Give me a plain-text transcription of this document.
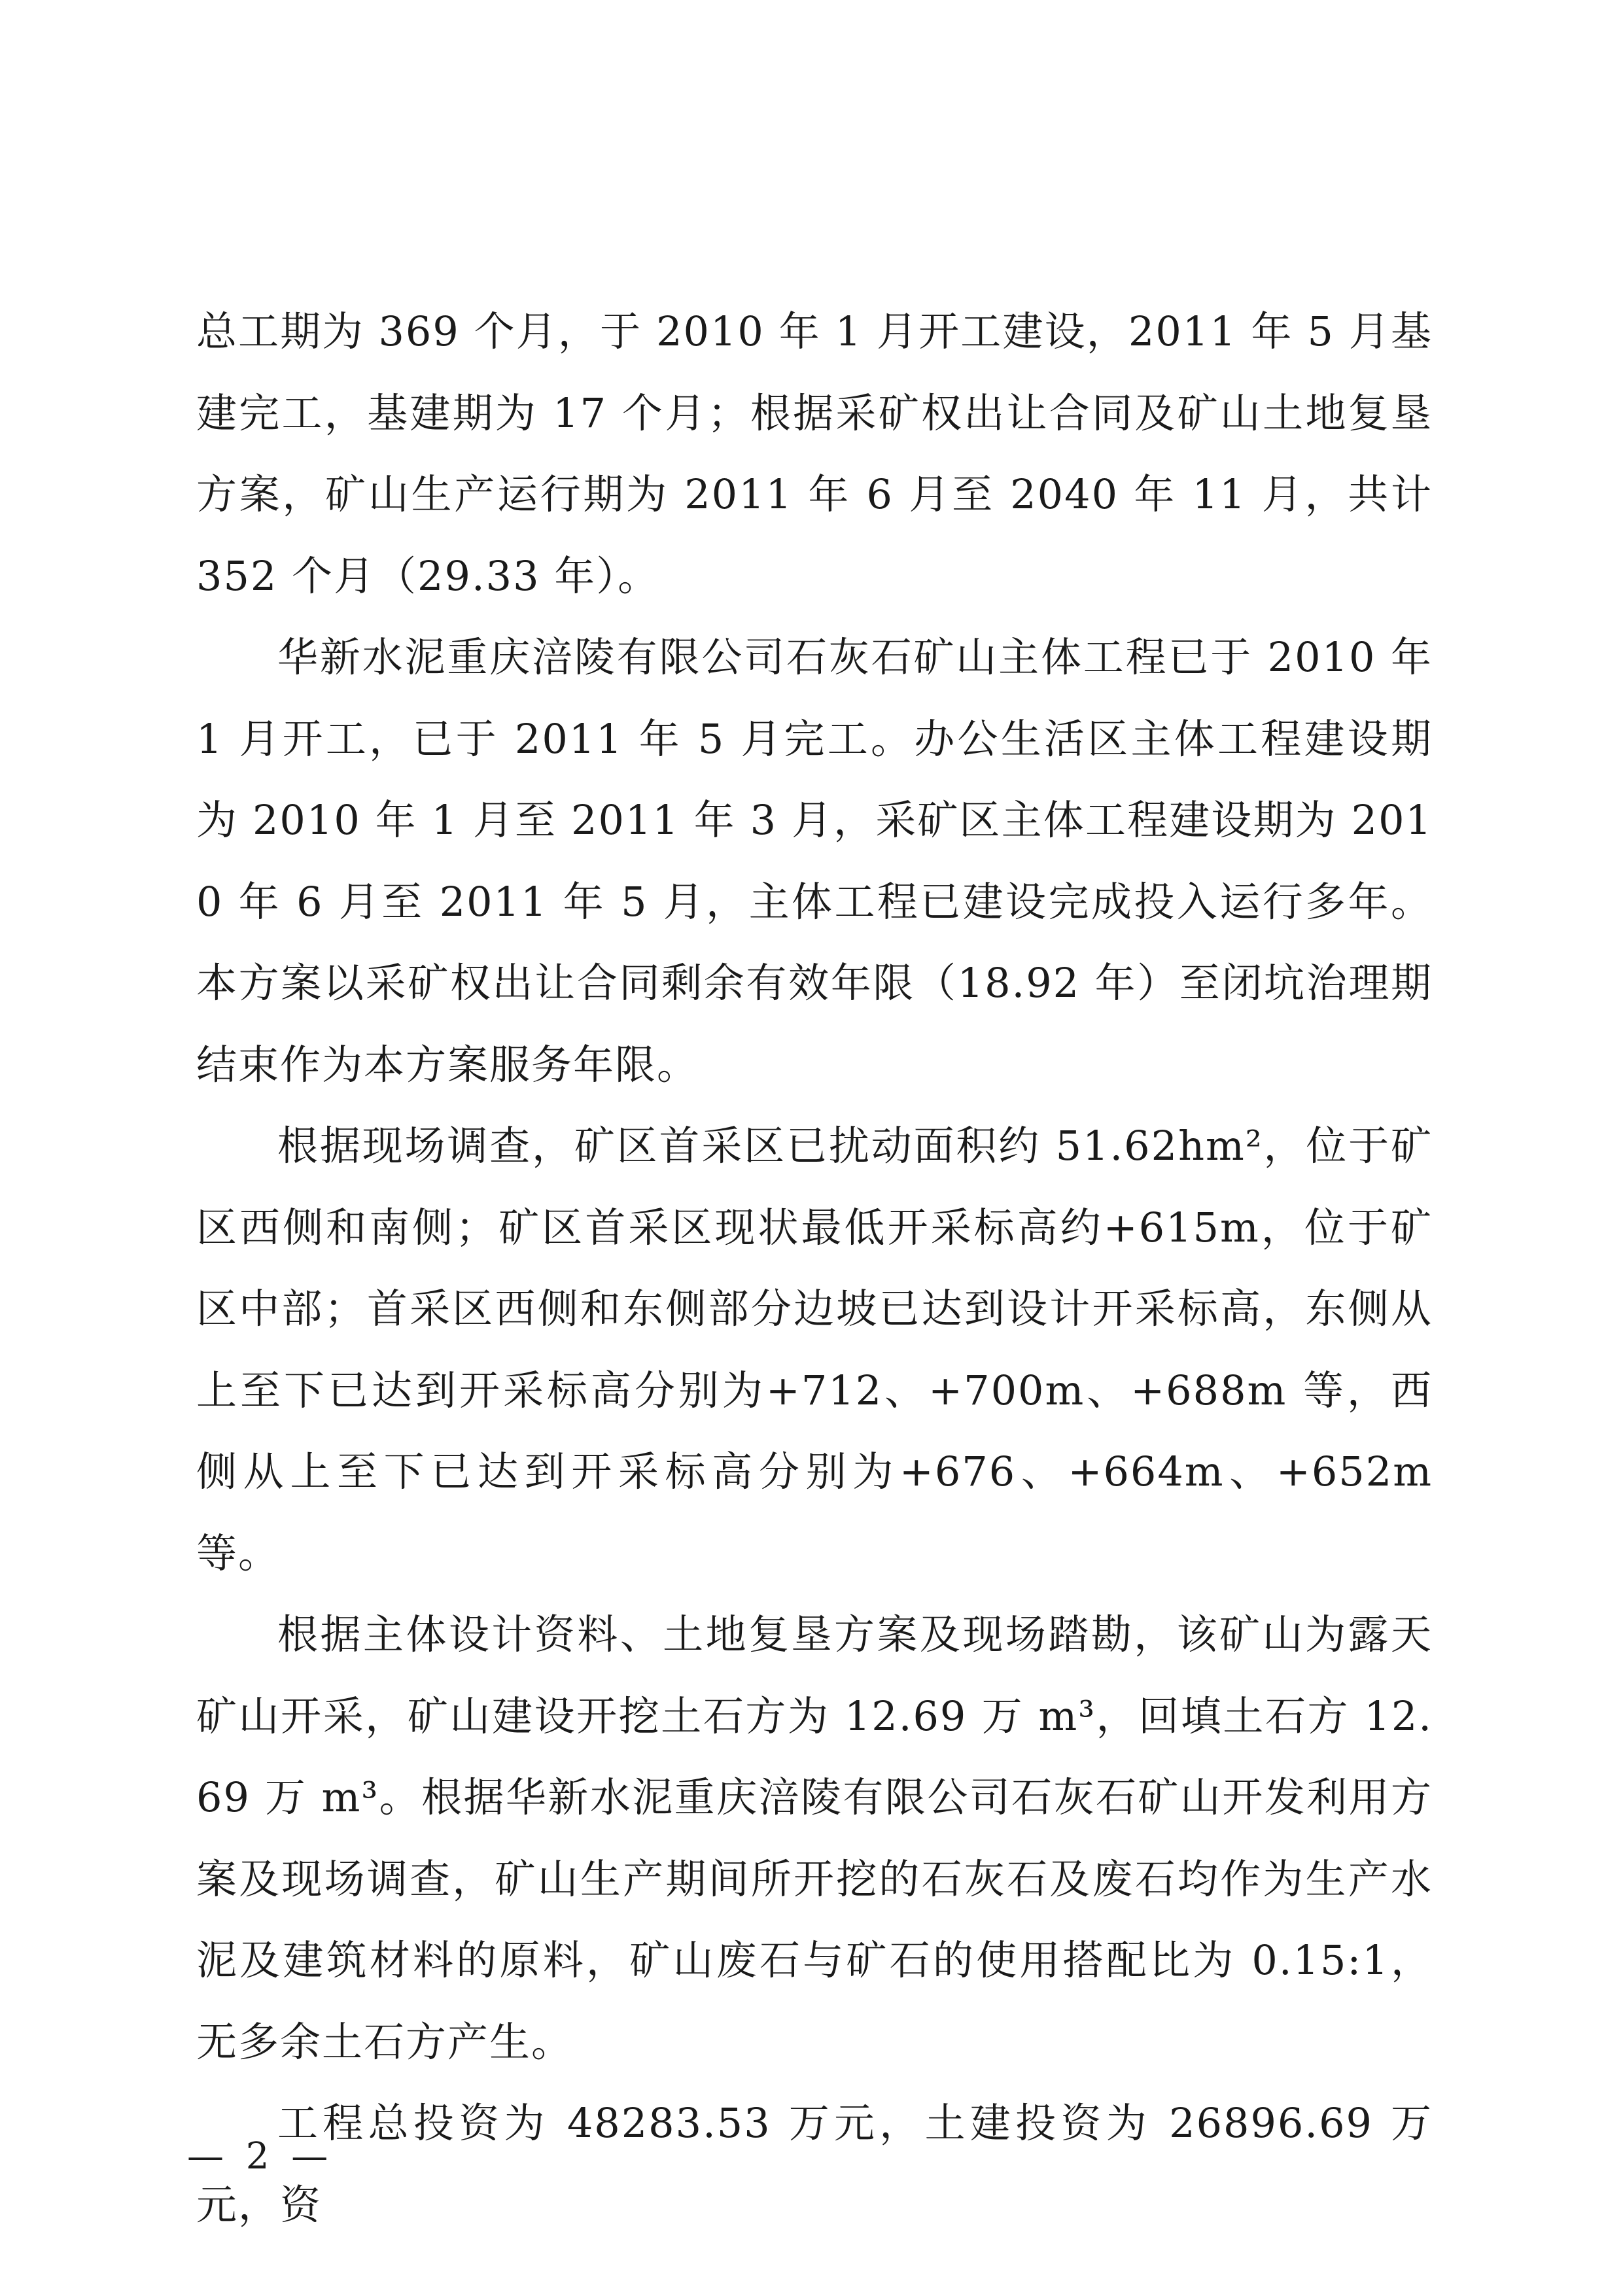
总工期为 369 个月，于 2010 年 1 月开工建设，2011 年 5 月基建完工，基建期为 17 个月；根据采矿权出让合同及矿山土地复垦方案，矿山生产运行期为 2011 年 6 月至 2040 年 11 月，共计 352 个月（29.33 年）。

华新水泥重庆涪陵有限公司石灰石矿山主体工程已于 2010 年 1 月开工，已于 2011 年 5 月完工。办公生活区主体工程建设期为 2010 年 1 月至 2011 年 3 月，采矿区主体工程建设期为 2010 年 6 月至 2011 年 5 月，主体工程已建设完成投入运行多年。本方案以采矿权出让合同剩余有效年限（18.92 年）至闭坑治理期结束作为本方案服务年限。

根据现场调查，矿区首采区已扰动面积约 51.62hm²，位于矿区西侧和南侧；矿区首采区现状最低开采标高约+615m，位于矿区中部；首采区西侧和东侧部分边坡已达到设计开采标高，东侧从上至下已达到开采标高分别为+712、+700m、+688m 等，西侧从上至下已达到开采标高分别为+676、+664m、+652m 等。

根据主体设计资料、土地复垦方案及现场踏勘，该矿山为露天矿山开采，矿山建设开挖土石方为 12.69 万 m³，回填土石方 12.69 万 m³。根据华新水泥重庆涪陵有限公司石灰石矿山开发利用方案及现场调查，矿山生产期间所开挖的石灰石及废石均作为生产水泥及建筑材料的原料，矿山废石与矿石的使用搭配比为 0.15:1，无多余土石方产生。

工程总投资为 48283.53 万元，土建投资为 26896.69 万元，资

— 2 —
